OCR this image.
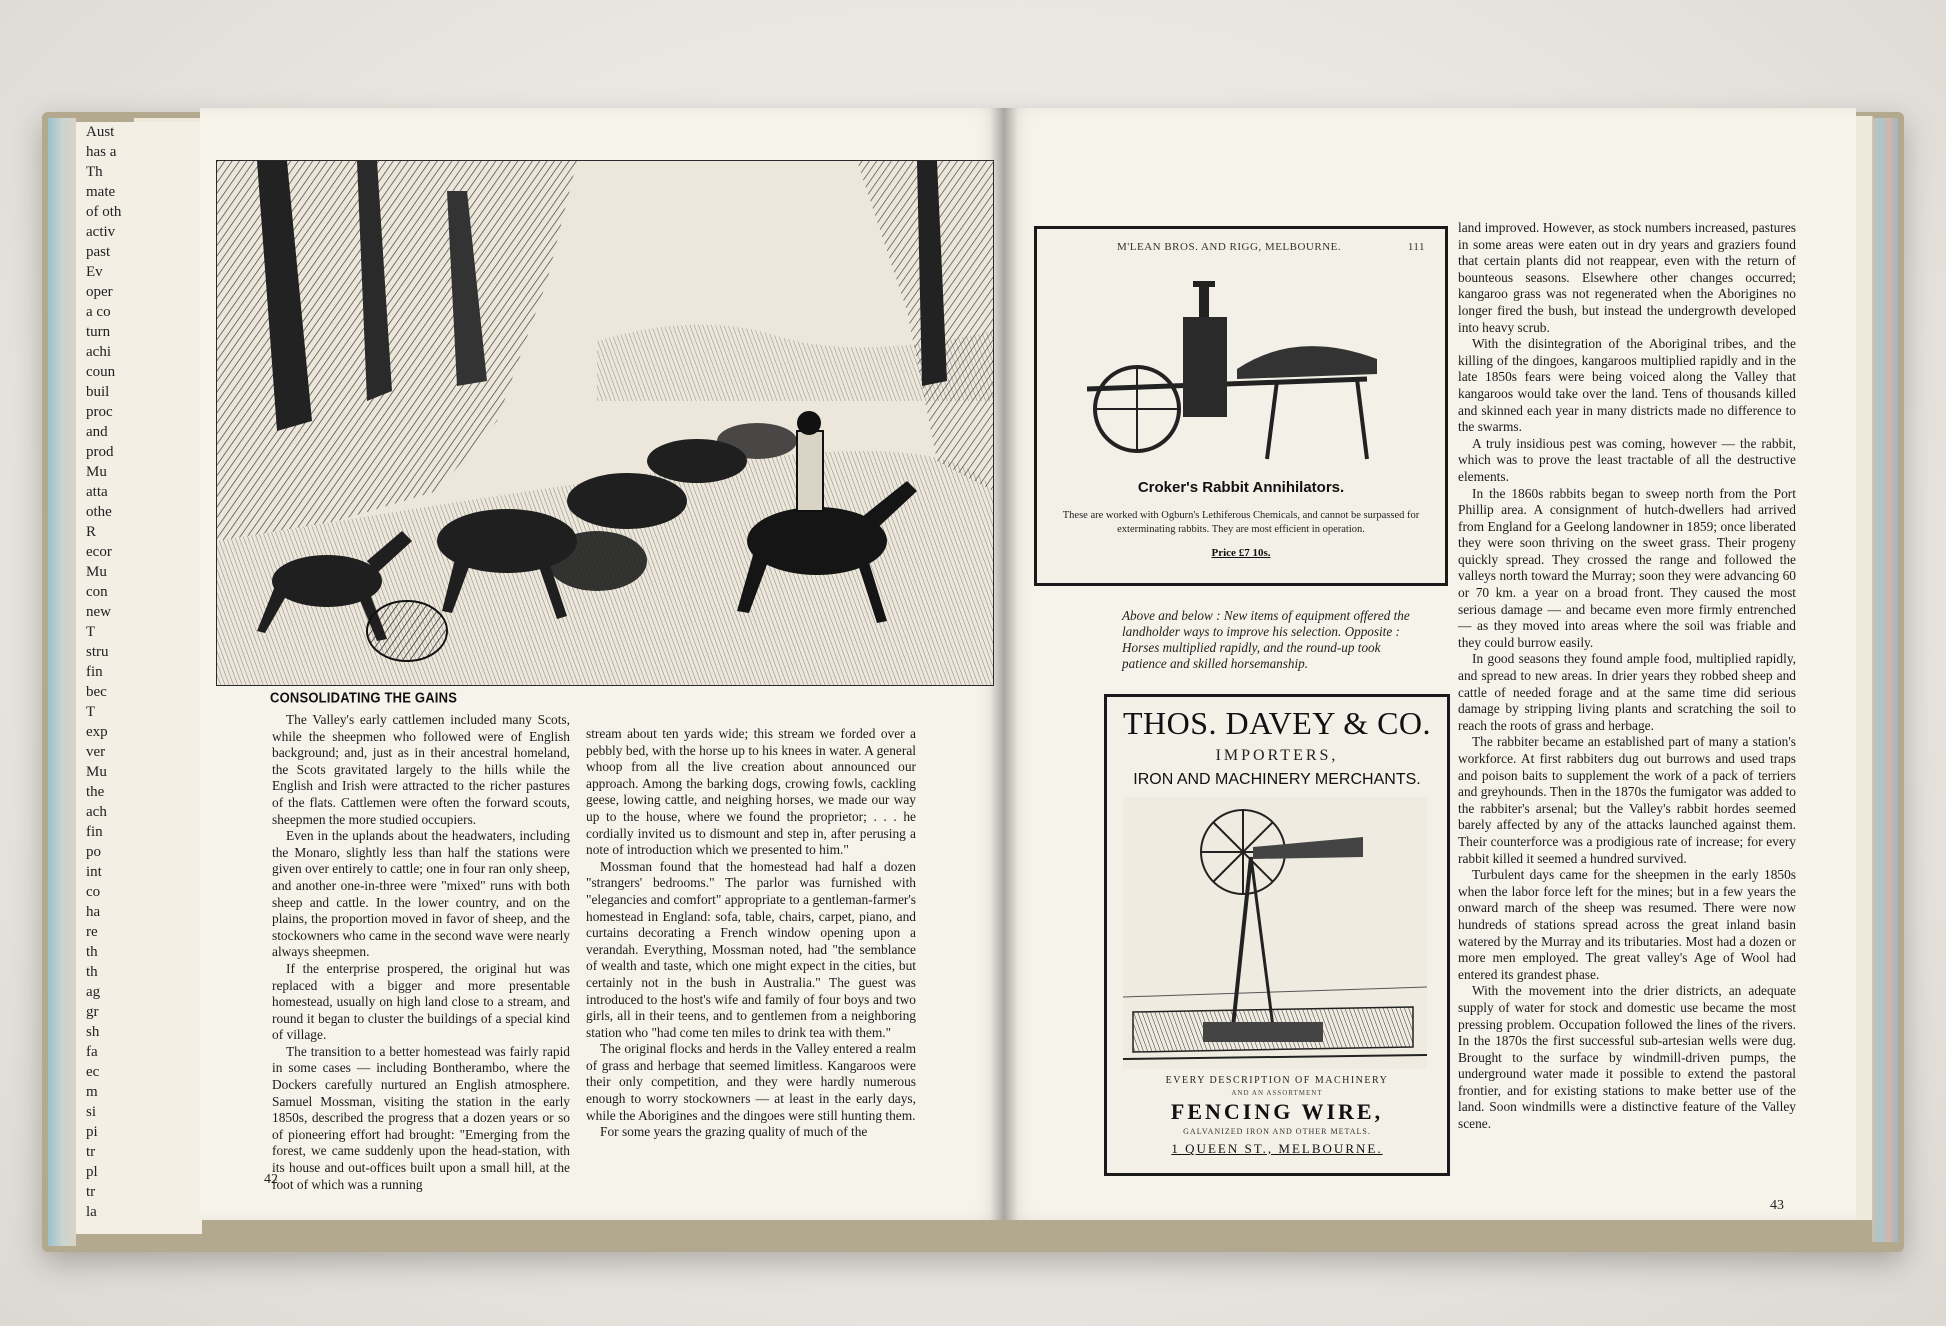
Aust
has a
Th
mate
of oth
activ
past
Ev
oper
a co
turn
achi
coun
buil
proc
and
prod
Mu
atta
othe
R
ecor
Mu
con
new
T
stru
fin
bec
T
exp
ver
Mu
the
ach
fin
po
int
co
ha
re
th
th
ag
gr
sh
fa
ec
m
si
pi
tr
pl
tr
la
CONSOLIDATING THE GAINS

The Valley's early cattlemen included many Scots, while the sheepmen who followed were of English background; and, just as in their ancestral homeland, the Scots gravitated largely to the hills while the English and Irish were attracted to the richer pastures of the flats. Cattlemen were often the forward scouts, sheepmen the more studied occupiers.

Even in the uplands about the headwaters, including the Monaro, slightly less than half the stations were given over entirely to cattle; one in four ran only sheep, and another one-in-three were "mixed" runs with both sheep and cattle. In the lower country, and on the plains, the proportion moved in favor of sheep, and the stockowners who came in the second wave were nearly always sheepmen.

If the enterprise prospered, the original hut was replaced with a bigger and more presentable homestead, usually on high land close to a stream, and round it began to cluster the buildings of a special kind of village.

The transition to a better homestead was fairly rapid in some cases — including Bontherambo, where the Dockers carefully nurtured an English atmosphere. Samuel Mossman, visiting the station in the early 1850s, described the progress that a dozen years or so of pioneering effort had brought: "Emerging from the forest, we came suddenly upon the head-station, with its house and out-offices built upon a small hill, at the foot of which was a running

stream about ten yards wide; this stream we forded over a pebbly bed, with the horse up to his knees in water. A general whoop from all the live creation about announced our approach. Among the barking dogs, crowing fowls, cackling geese, lowing cattle, and neighing horses, we made our way up to the house, where we found the proprietor; . . . he cordially invited us to dismount and step in, after perusing a note of introduction which we presented to him."

Mossman found that the homestead had half a dozen "strangers' bedrooms." The parlor was furnished with "elegancies and comfort" appropriate to a gentleman-farmer's homestead in England: sofa, table, chairs, carpet, piano, and curtains decorating a French window opening upon a verandah. Everything, Mossman noted, had "the semblance of wealth and taste, which one might expect in the cities, but certainly not in the bush in Australia." The guest was introduced to the host's wife and family of four boys and two girls, all in their teens, and to gentlemen from a neighboring station who "had come ten miles to drink tea with them."

The original flocks and herds in the Valley entered a realm of grass and herbage that seemed limitless. Kangaroos were their only competition, and they were hardly numerous enough to worry stockowners — at least in the early days, while the Aborigines and the dingoes were still hunting them.

For some years the grazing quality of much of the

42
M'LEAN BROS. AND RIGG, MELBOURNE.	111
Croker's Rabbit Annihilators.
These are worked with Ogburn's Lethiferous Chemicals, and cannot be surpassed for exterminating rabbits. They are most efficient in operation.
Price £7 10s.
Above and below : New items of equipment offered the landholder ways to improve his selection. Opposite : Horses multiplied rapidly, and the round-up took patience and skilled horsemanship.
THOS. DAVEY & CO.
IMPORTERS,
IRON AND MACHINERY MERCHANTS.
EVERY DESCRIPTION OF MACHINERY
AND AN ASSORTMENT
FENCING WIRE,
GALVANIZED IRON AND OTHER METALS.
1 QUEEN ST., MELBOURNE.

land improved. However, as stock numbers increased, pastures in some areas were eaten out in dry years and graziers found that certain plants did not reappear, even with the return of bounteous seasons. Elsewhere other changes occurred; kangaroo grass was not regenerated when the Aborigines no longer fired the bush, but instead the undergrowth developed into heavy scrub.

With the disintegration of the Aboriginal tribes, and the killing of the dingoes, kangaroos multiplied rapidly and in the late 1850s fears were being voiced along the Valley that kangaroos would take over the land. Tens of thousands killed and skinned each year in many districts made no difference to the swarms.

A truly insidious pest was coming, however — the rabbit, which was to prove the least tractable of all the destructive elements.

In the 1860s rabbits began to sweep north from the Port Phillip area. A consignment of hutch-dwellers had arrived from England for a Geelong landowner in 1859; once liberated they were soon thriving on the sweet grass. Their progeny quickly spread. They crossed the range and followed the valleys north toward the Murray; soon they were advancing 60 or 70 km. a year on a broad front. They caused the most serious damage — and became even more firmly entrenched — as they moved into areas where the soil was friable and they could burrow easily.

In good seasons they found ample food, multiplied rapidly, and spread to new areas. In drier years they robbed sheep and cattle of needed forage and at the same time did serious damage by stripping living plants and scratching the soil to reach the roots of grass and herbage.

The rabbiter became an established part of many a station's workforce. At first rabbiters dug out burrows and used traps and poison baits to supplement the work of a pack of terriers and greyhounds. Then in the 1870s the fumigator was added to the rabbiter's arsenal; but the Valley's rabbit hordes seemed barely affected by any of the attacks launched against them. Their counterforce was a prodigious rate of increase; for every rabbit killed it seemed a hundred survived.

Turbulent days came for the sheepmen in the early 1850s when the labor force left for the mines; but in a few years the onward march of the sheep was resumed. There were now hundreds of stations spread across the great inland basin watered by the Murray and its tributaries. Most had a dozen or more men employed. The great valley's Age of Wool had entered its grandest phase.

With the movement into the drier districts, an adequate supply of water for stock and domestic use became the most pressing problem. Occupation followed the lines of the rivers. In the 1870s the first successful sub-artesian wells were dug. Brought to the surface by windmill-driven pumps, the underground water made it possible to extend the pastoral frontier, and for existing stations to make better use of the land. Soon windmills were a distinctive feature of the Valley scene.

43
